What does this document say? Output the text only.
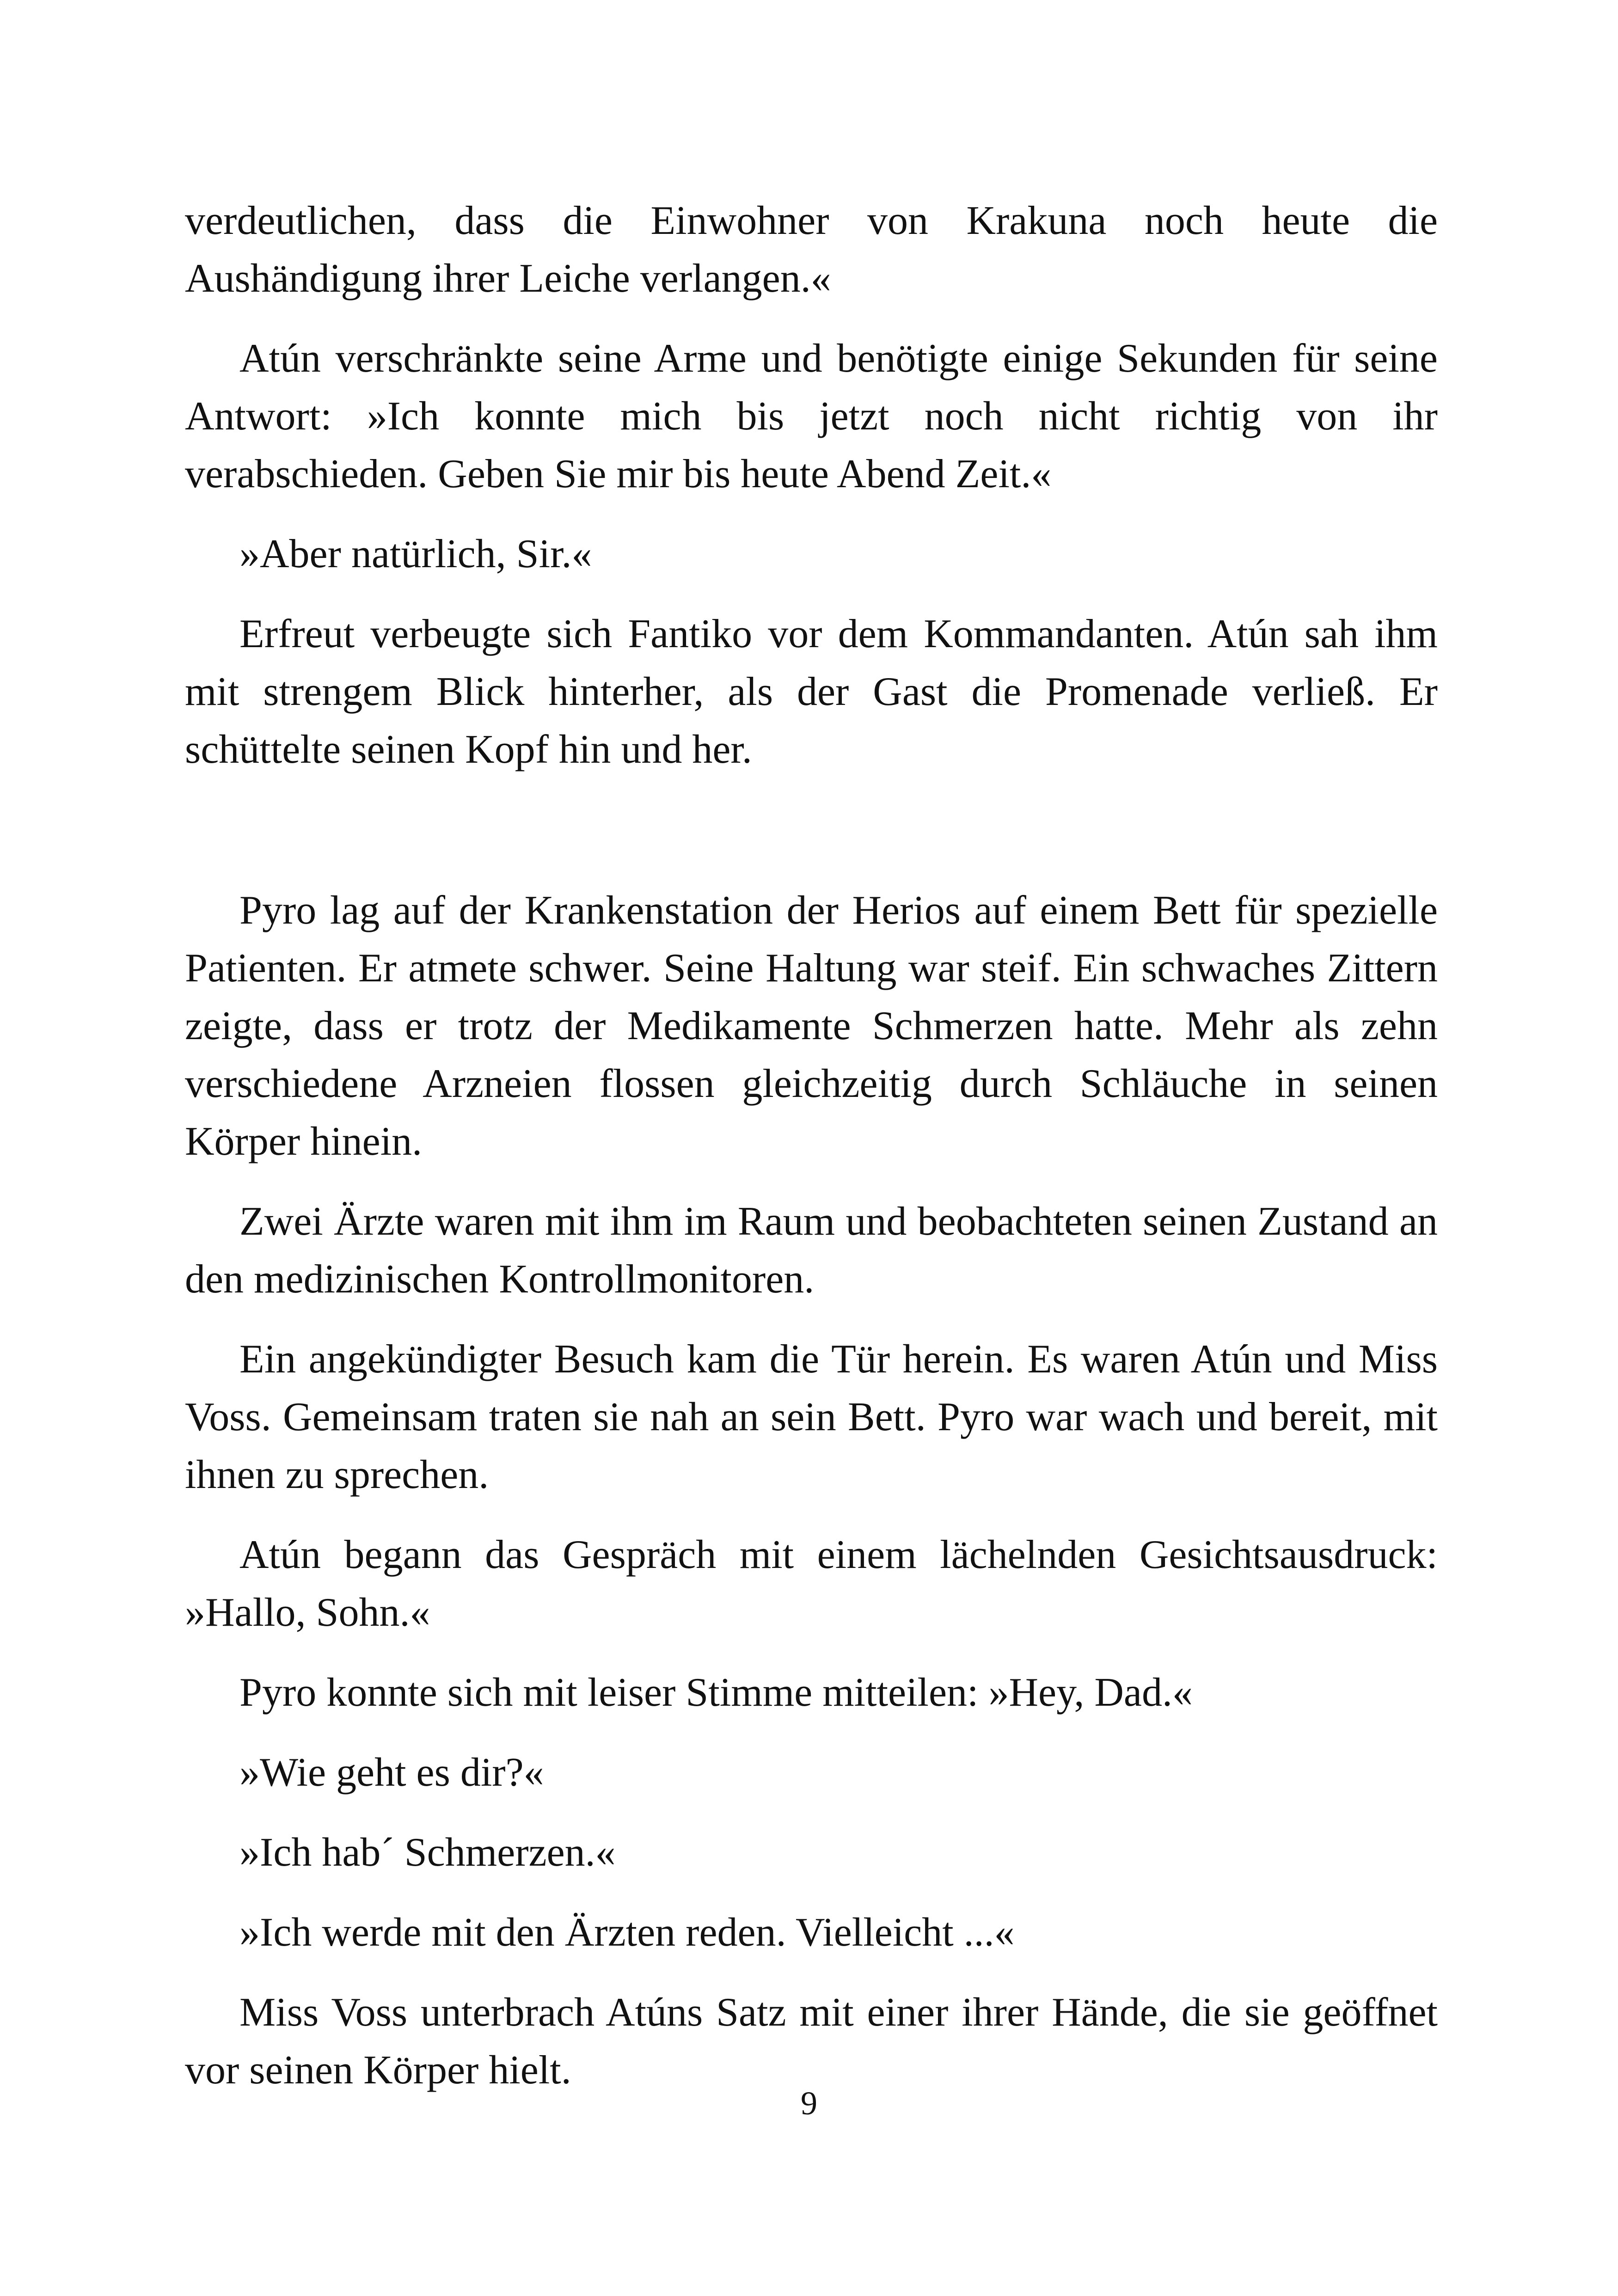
verdeutlichen, dass die Einwohner von Krakuna noch heute die Aushändigung ihrer Leiche verlangen.«

Atún verschränkte seine Arme und benötigte einige Sekunden für seine Antwort: »Ich konnte mich bis jetzt noch nicht richtig von ihr verabschieden. Geben Sie mir bis heute Abend Zeit.«

»Aber natürlich, Sir.«

Erfreut verbeugte sich Fantiko vor dem Kommandanten. Atún sah ihm mit strengem Blick hinterher, als der Gast die Promenade verließ. Er schüttelte seinen Kopf hin und her.

Pyro lag auf der Krankenstation der Herios auf einem Bett für spezielle Patienten. Er atmete schwer. Seine Haltung war steif. Ein schwaches Zittern zeigte, dass er trotz der Medikamente Schmerzen hatte. Mehr als zehn verschiedene Arzneien flossen gleichzeitig durch Schläuche in seinen Körper hinein.

Zwei Ärzte waren mit ihm im Raum und beobachteten seinen Zustand an den medizinischen Kontrollmonitoren.

Ein angekündigter Besuch kam die Tür herein. Es waren Atún und Miss Voss. Gemeinsam traten sie nah an sein Bett. Pyro war wach und bereit, mit ihnen zu sprechen.

Atún begann das Gespräch mit einem lächelnden Gesichtsausdruck: »Hallo, Sohn.«

Pyro konnte sich mit leiser Stimme mitteilen: »Hey, Dad.«

»Wie geht es dir?«

»Ich hab´ Schmerzen.«

»Ich werde mit den Ärzten reden. Vielleicht ...«

Miss Voss unterbrach Atúns Satz mit einer ihrer Hände, die sie geöffnet vor seinen Körper hielt.

9
